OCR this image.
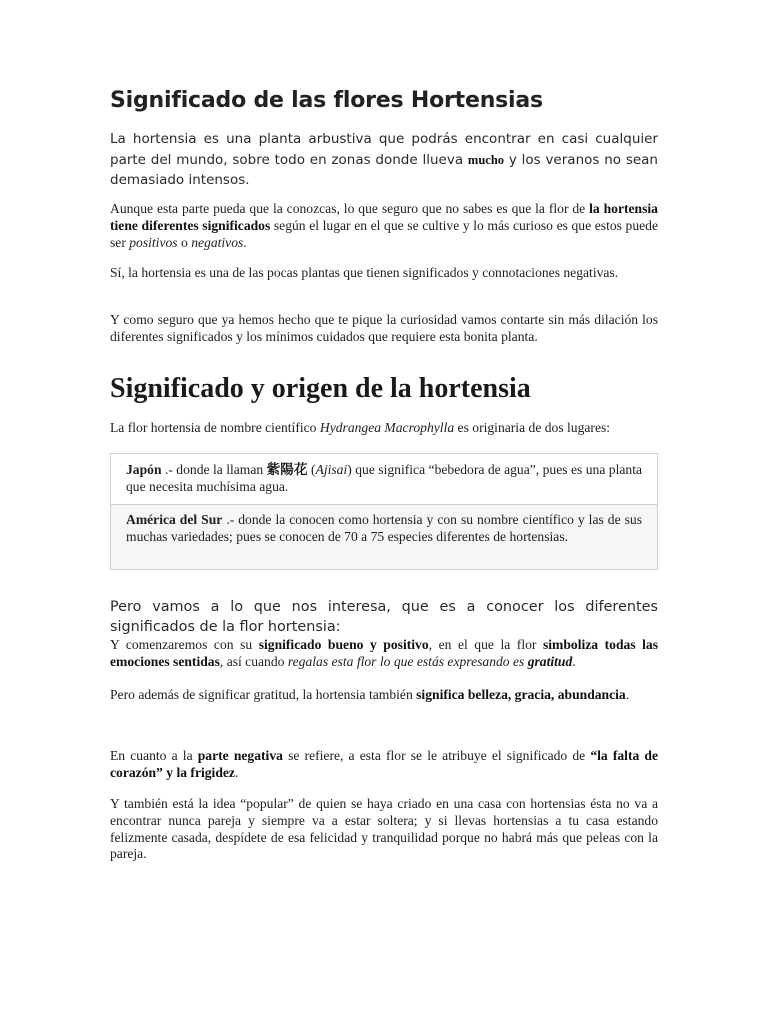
Significado de las flores Hortensias

La hortensia es una planta arbustiva que podrás encontrar en casi cualquier parte del mundo, sobre todo en zonas donde llueva mucho y los veranos no sean demasiado intensos.

Aunque esta parte pueda que la conozcas, lo que seguro que no sabes es que la flor de la hortensia tiene diferentes significados según el lugar en el que se cultive y lo más curioso es que estos puede ser positivos o negativos.

Sí, la hortensia es una de las pocas plantas que tienen significados y connotaciones negativas.

Y como seguro que ya hemos hecho que te pique la curiosidad vamos contarte sin más dilación los diferentes significados y los mínimos cuidados que requiere esta bonita planta.

Significado y origen de la hortensia

La flor hortensia de nombre científico Hydrangea Macrophylla es originaria de dos lugares:

Japón .- donde la llaman 紫陽花 (Ajisai) que significa “bebedora de agua”, pues es una planta que necesita muchísima agua.
América del Sur .- donde la conocen como hortensia y con su nombre científico y las de sus muchas variedades; pues se conocen de 70 a 75 especies diferentes de hortensias.

Pero vamos a lo que nos interesa, que es a conocer los diferentes significados de la flor hortensia:

Y comenzaremos con su significado bueno y positivo, en el que la flor simboliza todas las emociones sentidas, así cuando regalas esta flor lo que estás expresando es gratitud.

Pero además de significar gratitud, la hortensia también significa belleza, gracia, abundancia.

En cuanto a la parte negativa se refiere, a esta flor se le atribuye el significado de “la falta de corazón” y la frigidez.

Y también está la idea “popular” de quien se haya criado en una casa con hortensias ésta no va a encontrar nunca pareja y siempre va a estar soltera; y si llevas hortensias a tu casa estando felizmente casada, despídete de esa felicidad y tranquilidad porque no habrá más que peleas con la pareja.
